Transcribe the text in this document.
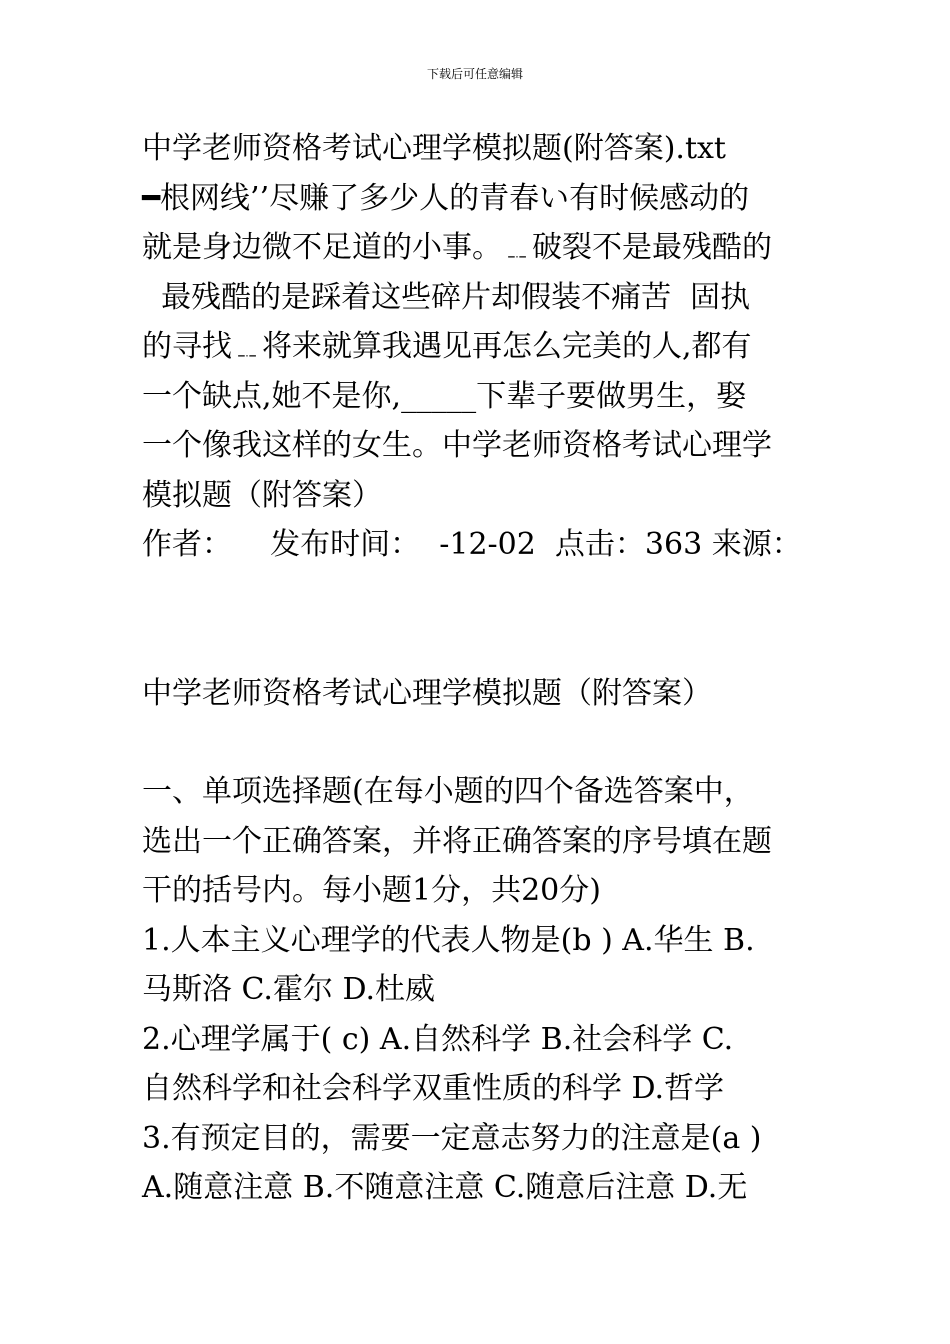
下载后可任意编辑
中学老师资格考试心理学模拟题(附答案).txt
━根网线’’尽赚了多少人的青春い有时候感动的
就是身边微不足道的小事。﹎破裂不是最残酷的
最残酷的是踩着这些碎片却假装不痛苦  固执
的寻找﹎将来就算我遇见再怎么完美的人,都有
一个缺点,她不是你,_____下辈子要做男生，娶
一个像我这样的女生。中学老师资格考试心理学
模拟题（附答案）
作者：    发布时间：  -12-02  点击：363 来源：
中学老师资格考试心理学模拟题（附答案）
一、单项选择题(在每小题的四个备选答案中，
选出一个正确答案，并将正确答案的序号填在题
干的括号内。每小题1分，共20分)
1.人本主义心理学的代表人物是(b ) A.华生 B.
马斯洛 C.霍尔 D.杜威
2.心理学属于( c) A.自然科学 B.社会科学 C.
自然科学和社会科学双重性质的科学 D.哲学
3.有预定目的，需要一定意志努力的注意是(a )
A.随意注意 B.不随意注意 C.随意后注意 D.无
